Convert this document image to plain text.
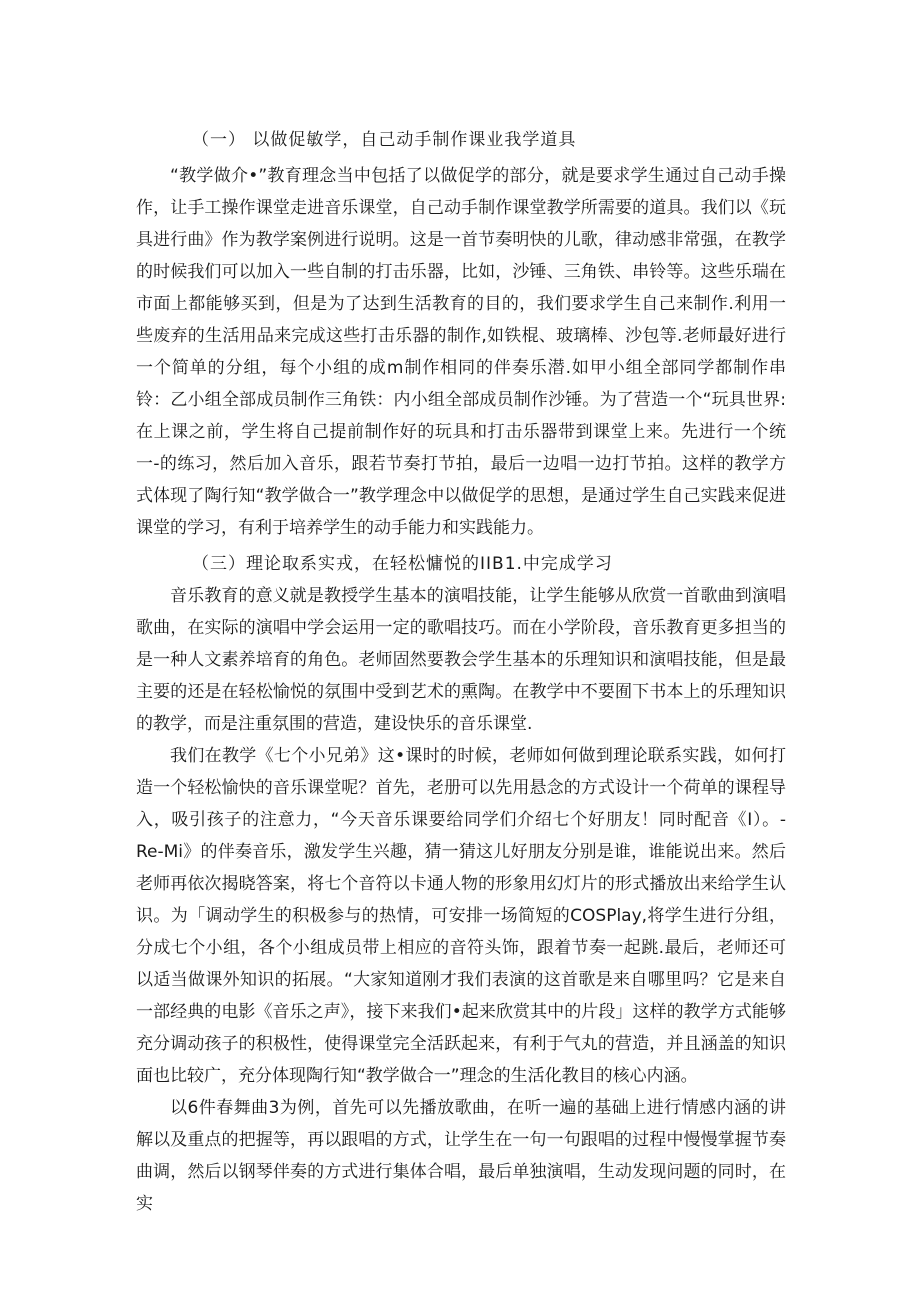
（一） 以做促敏学，自己动手制作课业我学道具

“教学做介•”教育理念当中包括了以做促学的部分，就是要求学生通过自己动手操作，让手工操作课堂走进音乐课堂，自己动手制作课堂教学所需要的道具。我们以《玩具进行曲》作为教学案例进行说明。这是一首节奏明快的儿歌，律动感非常强，在教学的时候我们可以加入一些自制的打击乐器，比如，沙锤、三角铁、串铃等。这些乐瑞在市面上都能够买到，但是为了达到生活教育的目的，我们要求学生自己来制作.利用一些废弃的生活用品来完成这些打击乐器的制作,如铁棍、玻璃棒、沙包等.老师最好进行一个简单的分组，每个小组的成m制作相同的伴奏乐潜.如甲小组全部同学都制作串铃：乙小组全部成员制作三角铁：内小组全部成员制作沙锤。为了营造一个“玩具世界:在上课之前，学生将自己提前制作好的玩具和打击乐器带到课堂上来。先进行一个统一-的练习，然后加入音乐，跟若节奏打节拍，最后一边唱一边打节拍。这样的教学方式体现了陶行知“教学做合一”教学理念中以做促学的思想，是通过学生自己实践来促进课堂的学习，有利于培养学生的动手能力和实践能力。

（三）理论取系实戎，在轻松慵悦的IIB1.中完成学习

音乐教育的意义就是教授学生基本的演唱技能，让学生能够从欣赏一首歌曲到演唱歌曲，在实际的演唱中学会运用一定的歌唱技巧。而在小学阶段，音乐教育更多担当的是一种人文素养培育的角色。老师固然要教会学生基本的乐理知识和演唱技能，但是最主要的还是在轻松愉悦的氛围中受到艺术的熏陶。在教学中不要囿下书本上的乐理知识的教学，而是注重氛围的营造，建设快乐的音乐课堂.

我们在教学《七个小兄弟》这•课时的时候，老师如何做到理论联系实践，如何打造一个轻松愉快的音乐课堂呢？首先，老册可以先用悬念的方式设计一个荷单的课程导入，吸引孩子的注意力，“今天音乐课要给同学们介绍七个好朋友！同时配音《I）。-Re-Mi》的伴奏音乐，激发学生兴趣，猜一猜这儿好朋友分别是谁，谁能说出来。然后老师再依次揭晓答案，将七个音符以卡通人物的形象用幻灯片的形式播放出来给学生认识。为「调动学生的积极参与的热情，可安排一场简短的COSPlay,将学生进行分组，分成七个小组，各个小组成员带上相应的音符头饰，跟着节奏一起跳.最后，老师还可以适当做课外知识的拓展。“大家知道刚才我们表演的这首歌是来自哪里吗？它是来自一部经典的电影《音乐之声》，接下来我们•起来欣赏其中的片段」这样的教学方式能够充分调动孩子的积极性，使得课堂完全活跃起来，有利于气丸的营造，并且涵盖的知识面也比较广，充分体现陶行知“教学做合一”理念的生活化教目的核心内涵。

以6件春舞曲3为例，首先可以先播放歌曲，在听一遍的基础上进行情感内涵的讲解以及重点的把握等，再以跟唱的方式，让学生在一句一句跟唱的过程中慢慢掌握节奏曲调，然后以钢琴伴奏的方式进行集体合唱，最后单独演唱，生动发现问题的同时，在实
